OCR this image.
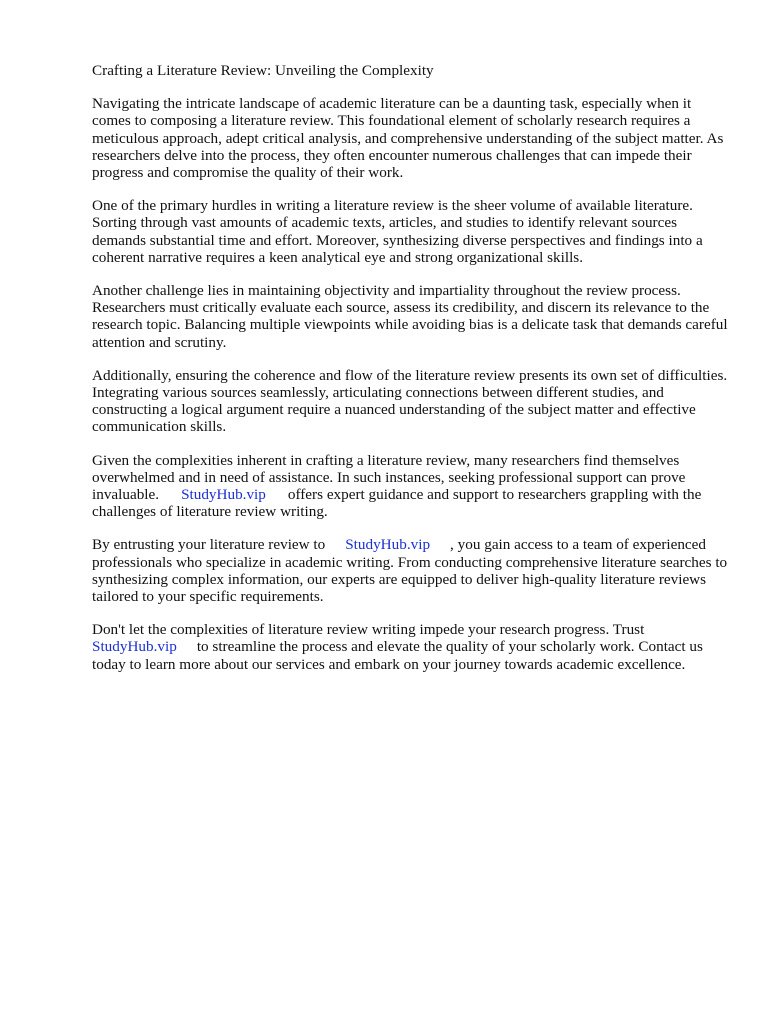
Crafting a Literature Review: Unveiling the Complexity

Navigating the intricate landscape of academic literature can be a daunting task, especially when it comes to composing a literature review. This foundational element of scholarly research requires a meticulous approach, adept critical analysis, and comprehensive understanding of the subject matter. As researchers delve into the process, they often encounter numerous challenges that can impede their progress and compromise the quality of their work.

One of the primary hurdles in writing a literature review is the sheer volume of available literature. Sorting through vast amounts of academic texts, articles, and studies to identify relevant sources demands substantial time and effort. Moreover, synthesizing diverse perspectives and findings into a coherent narrative requires a keen analytical eye and strong organizational skills.

Another challenge lies in maintaining objectivity and impartiality throughout the review process. Researchers must critically evaluate each source, assess its credibility, and discern its relevance to the research topic. Balancing multiple viewpoints while avoiding bias is a delicate task that demands careful attention and scrutiny.

Additionally, ensuring the coherence and flow of the literature review presents its own set of difficulties. Integrating various sources seamlessly, articulating connections between different studies, and constructing a logical argument require a nuanced understanding of the subject matter and effective communication skills.

Given the complexities inherent in crafting a literature review, many researchers find themselves overwhelmed and in need of assistance. In such instances, seeking professional support can prove invaluable. StudyHub.vip offers expert guidance and support to researchers grappling with the challenges of literature review writing.

By entrusting your literature review to StudyHub.vip , you gain access to a team of experienced professionals who specialize in academic writing. From conducting comprehensive literature searches to synthesizing complex information, our experts are equipped to deliver high-quality literature reviews tailored to your specific requirements.

Don't let the complexities of literature review writing impede your research progress. Trust StudyHub.vip to streamline the process and elevate the quality of your scholarly work. Contact us today to learn more about our services and embark on your journey towards academic excellence.
